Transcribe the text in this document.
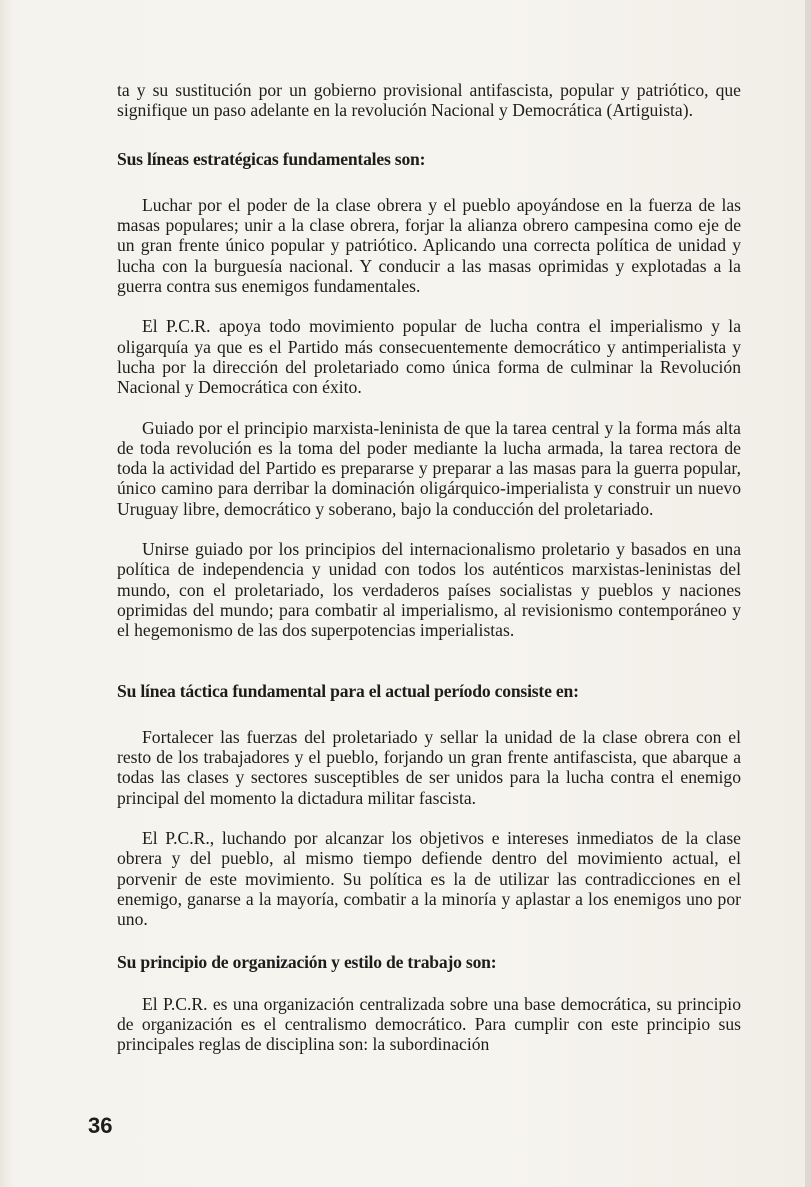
ta y su sustitución por un gobierno provisional antifascista, popular y patriótico, que signifique un paso adelante en la revolución Nacional y Democrática (Artiguista).

Sus líneas estratégicas fundamentales son:

Luchar por el poder de la clase obrera y el pueblo apoyándose en la fuerza de las masas populares; unir a la clase obrera, forjar la alianza obrero campesina como eje de un gran frente único popular y patriótico. Aplicando una correcta política de unidad y lucha con la burguesía nacional. Y conducir a las masas oprimidas y explotadas a la guerra contra sus enemigos fundamentales.

El P.C.R. apoya todo movimiento popular de lucha contra el imperialismo y la oligarquía ya que es el Partido más consecuentemente democrático y antimperialista y lucha por la dirección del proletariado como única forma de culminar la Revolución Nacional y Democrática con éxito.

Guiado por el principio marxista-leninista de que la tarea central y la forma más alta de toda revolución es la toma del poder mediante la lucha armada, la tarea rectora de toda la actividad del Partido es prepararse y preparar a las masas para la guerra popular, único camino para derribar la dominación oligárquico-imperialista y construir un nuevo Uruguay libre, democrático y soberano, bajo la conducción del proletariado.

Unirse guiado por los principios del internacionalismo proletario y basados en una política de independencia y unidad con todos los auténticos marxistas-leninistas del mundo, con el proletariado, los verdaderos países socialistas y pueblos y naciones oprimidas del mundo; para combatir al imperialismo, al revisionismo contemporáneo y el hegemonismo de las dos superpotencias imperialistas.

Su línea táctica fundamental para el actual período consiste en:

Fortalecer las fuerzas del proletariado y sellar la unidad de la clase obrera con el resto de los trabajadores y el pueblo, forjando un gran frente antifascista, que abarque a todas las clases y sectores susceptibles de ser unidos para la lucha contra el enemigo principal del momento la dictadura militar fascista.

El P.C.R., luchando por alcanzar los objetivos e intereses inmediatos de la clase obrera y del pueblo, al mismo tiempo defiende dentro del movimiento actual, el porvenir de este movimiento. Su política es la de utilizar las contradicciones en el enemigo, ganarse a la mayoría, combatir a la minoría y aplastar a los enemigos uno por uno.

Su principio de organización y estilo de trabajo son:

El P.C.R. es una organización centralizada sobre una base democrática, su principio de organización es el centralismo democrático. Para cumplir con este principio sus principales reglas de disciplina son: la subordinación

36
